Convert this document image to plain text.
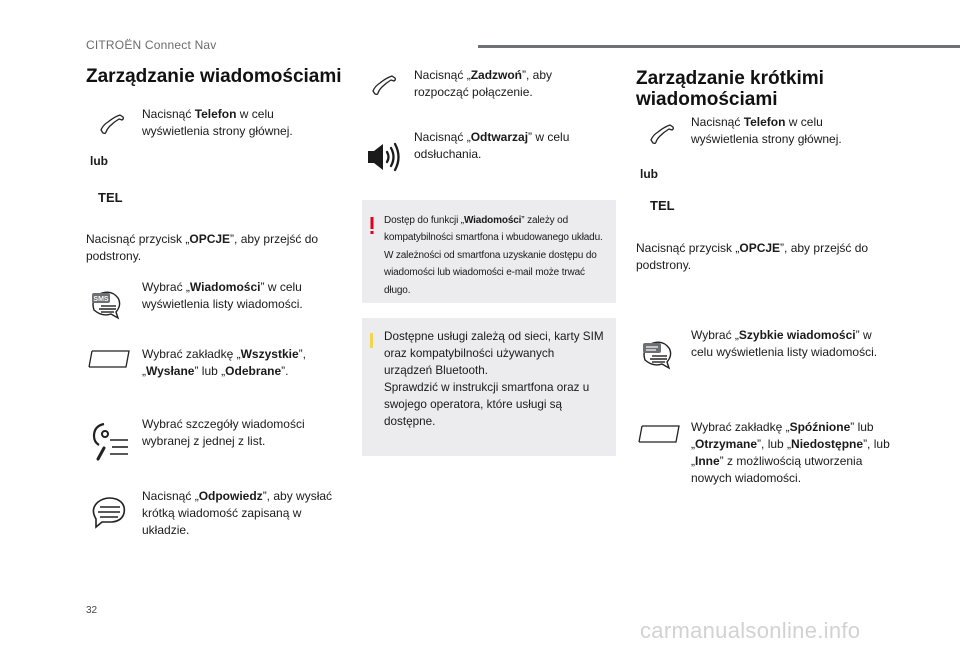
CITROËN Connect Nav
Zarządzanie wiadomościami
Nacisnąć Telefon w celu wyświetlenia strony głównej.
lub
TEL
Nacisnąć przycisk „OPCJE”, aby przejść do podstrony.
SMS
Wybrać „Wiadomości” w celu wyświetlenia listy wiadomości.
Wybrać zakładkę „Wszystkie”, „Wysłane” lub „Odebrane”.
Wybrać szczegóły wiadomości wybranej z jednej z list.
Nacisnąć „Odpowiedz”, aby wysłać krótką wiadomość zapisaną w układzie.
Nacisnąć „Zadzwoń”, aby rozpocząć połączenie.
Nacisnąć „Odtwarzaj” w celu odsłuchania.
Dostęp do funkcji „Wiadomości” zależy od kompatybilności smartfona i wbudowanego układu. W zależności od smartfona uzyskanie dostępu do wiadomości lub wiadomości e-mail może trwać długo.
Dostępne usługi zależą od sieci, karty SIM oraz kompatybilności używanych urządzeń Bluetooth.
Sprawdzić w instrukcji smartfona oraz u swojego operatora, które usługi są dostępne.
Zarządzanie krótkimi wiadomościami
Nacisnąć Telefon w celu wyświetlenia strony głównej.
lub
TEL
Nacisnąć przycisk „OPCJE”, aby przejść do podstrony.
Wybrać „Szybkie wiadomości” w celu wyświetlenia listy wiadomości.
Wybrać zakładkę „Spóźnione” lub „Otrzymane”, lub „Niedostępne”, lub „Inne” z możliwością utworzenia nowych wiadomości.
32
carmanualsonline.info
